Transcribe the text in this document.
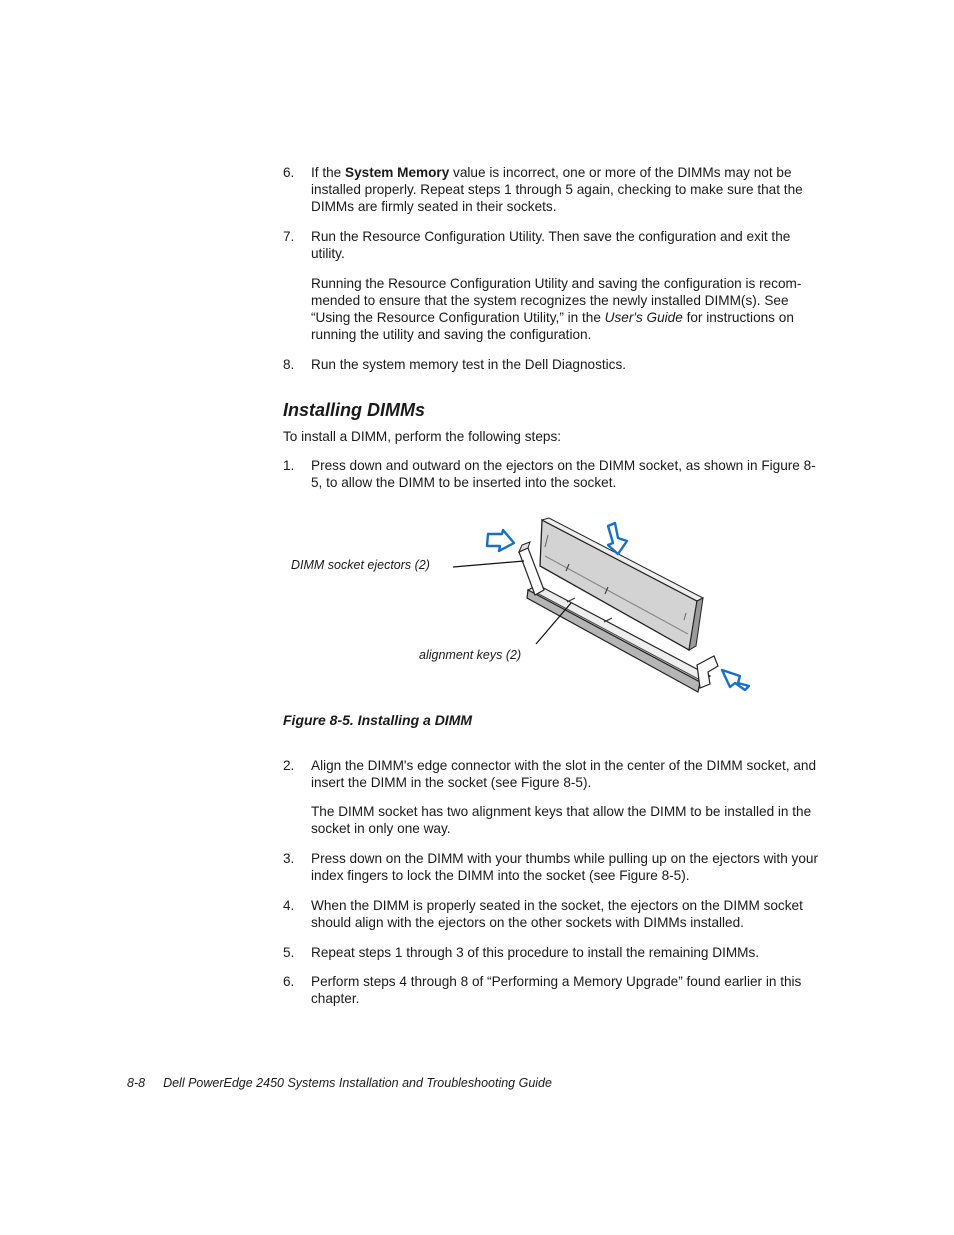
6. If the System Memory value is incorrect, one or more of the DIMMs may not be installed properly. Repeat steps 1 through 5 again, checking to make sure that the DIMMs are firmly seated in their sockets.
7. Run the Resource Configuration Utility. Then save the configuration and exit the utility.
Running the Resource Configuration Utility and saving the configuration is recom-mended to ensure that the system recognizes the newly installed DIMM(s). See “Using the Resource Configuration Utility,” in the User's Guide for instructions on running the utility and saving the configuration.
8. Run the system memory test in the Dell Diagnostics.
Installing DIMMs
To install a DIMM, perform the following steps:
1. Press down and outward on the ejectors on the DIMM socket, as shown in Figure 8-5, to allow the DIMM to be inserted into the socket.
DIMM socket ejectors (2)
alignment keys (2)
Figure 8-5. Installing a DIMM
2. Align the DIMM's edge connector with the slot in the center of the DIMM socket, and insert the DIMM in the socket (see Figure 8-5).
The DIMM socket has two alignment keys that allow the DIMM to be installed in the socket in only one way.
3. Press down on the DIMM with your thumbs while pulling up on the ejectors with your index fingers to lock the DIMM into the socket (see Figure 8-5).
4. When the DIMM is properly seated in the socket, the ejectors on the DIMM socket should align with the ejectors on the other sockets with DIMMs installed.
5. Repeat steps 1 through 3 of this procedure to install the remaining DIMMs.
6. Perform steps 4 through 8 of “Performing a Memory Upgrade” found earlier in this chapter.
8-8 Dell PowerEdge 2450 Systems Installation and Troubleshooting Guide
